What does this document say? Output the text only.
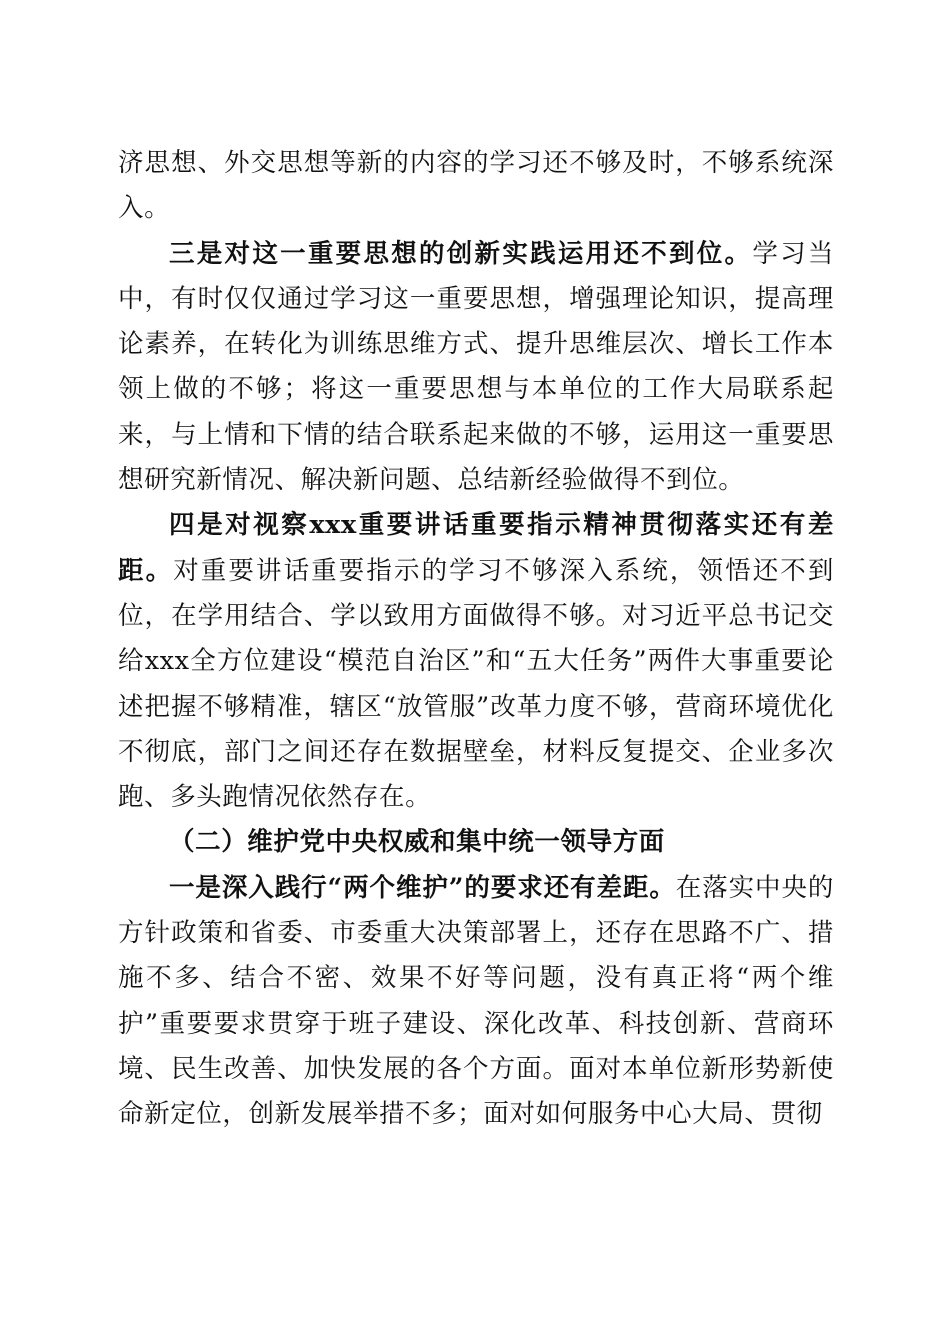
济思想、外交思想等新的内容的学习还不够及时，不够系统深入。

三是对这一重要思想的创新实践运用还不到位。学习当中，有时仅仅通过学习这一重要思想，增强理论知识，提高理论素养，在转化为训练思维方式、提升思维层次、增长工作本领上做的不够；将这一重要思想与本单位的工作大局联系起来，与上情和下情的结合联系起来做的不够，运用这一重要思想研究新情况、解决新问题、总结新经验做得不到位。

四是对视察xxx重要讲话重要指示精神贯彻落实还有差距。对重要讲话重要指示的学习不够深入系统，领悟还不到位，在学用结合、学以致用方面做得不够。对习近平总书记交给xxx全方位建设“模范自治区”和“五大任务”两件大事重要论述把握不够精准，辖区“放管服”改革力度不够，营商环境优化不彻底，部门之间还存在数据壁垒，材料反复提交、企业多次跑、多头跑情况依然存在。

（二）维护党中央权威和集中统一领导方面

一是深入践行“两个维护”的要求还有差距。在落实中央的方针政策和省委、市委重大决策部署上，还存在思路不广、措施不多、结合不密、效果不好等问题，没有真正将“两个维护”重要要求贯穿于班子建设、深化改革、科技创新、营商环境、民生改善、加快发展的各个方面。面对本单位新形势新使命新定位，创新发展举措不多；面对如何服务中心大局、贯彻
